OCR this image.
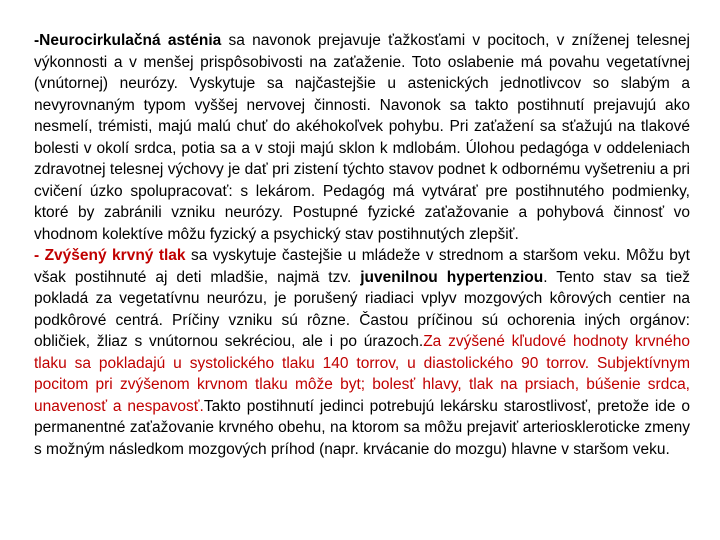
-Neurocirkulačná asténia sa navonok prejavuje ťažkosťami v pocitoch, v zníženej telesnej výkonnosti a v menšej prispôsobivosti na zaťaženie. Toto oslabenie má povahu vegetatívnej (vnútornej) neurózy. Vyskytuje sa najčastejšie u astenických jednotlivcov so slabým a nevyrovnaným typom vyššej nervovej činnosti. Navonok sa takto postihnutí prejavujú ako nesmelí, trémisti, majú malú chuť do akéhokoľvek pohybu. Pri zaťažení sa sťažujú na tlakové bolesti v okolí srdca, potia sa a v stoji majú sklon k mdlobám. Úlohou pedagóga v oddeleniach zdravotnej telesnej výchovy je dať pri zistení týchto stavov podnet k odbornému vyšetreniu a pri cvičení úzko spolupracovať: s lekárom. Pedagóg má vytvárať pre postihnutého podmienky, ktoré by zabránili vzniku neurózy. Postupné fyzické zaťažovanie a pohybová činnosť vo vhodnom kolektíve môžu fyzický a psychický stav postihnutých zlepšiť.
- Zvýšený krvný tlak sa vyskytuje častejšie u mládeže v strednom a staršom veku. Môžu byt však postihnuté aj deti mladšie, najmä tzv. juvenilnou hypertenziou. Tento stav sa tiež pokladá za vegetatívnu neurózu, je porušený riadiaci vplyv mozgových kôrových centier na podkôrové centrá. Príčiny vzniku sú rôzne. Častou príčinou sú ochorenia iných orgánov: obličiek, žliaz s vnútornou sekréciou, ale i po úrazoch.Za zvýšené kľudové hodnoty krvného tlaku sa pokladajú u systolického tlaku 140 torrov, u diastolického 90 torrov. Subjektívnym pocitom pri zvýšenom krvnom tlaku môže byt; bolesť hlavy, tlak na prsiach, búšenie srdca, unavenosť a nespavosť.Takto postihnutí jedinci potrebujú lekársku starostlivosť, pretože ide o permanentné zaťažovanie krvného obehu, na ktorom sa môžu prejaviť arterioskleroticke zmeny s možným následkom mozgových príhod (napr. krvácanie do mozgu) hlavne v staršom veku.
